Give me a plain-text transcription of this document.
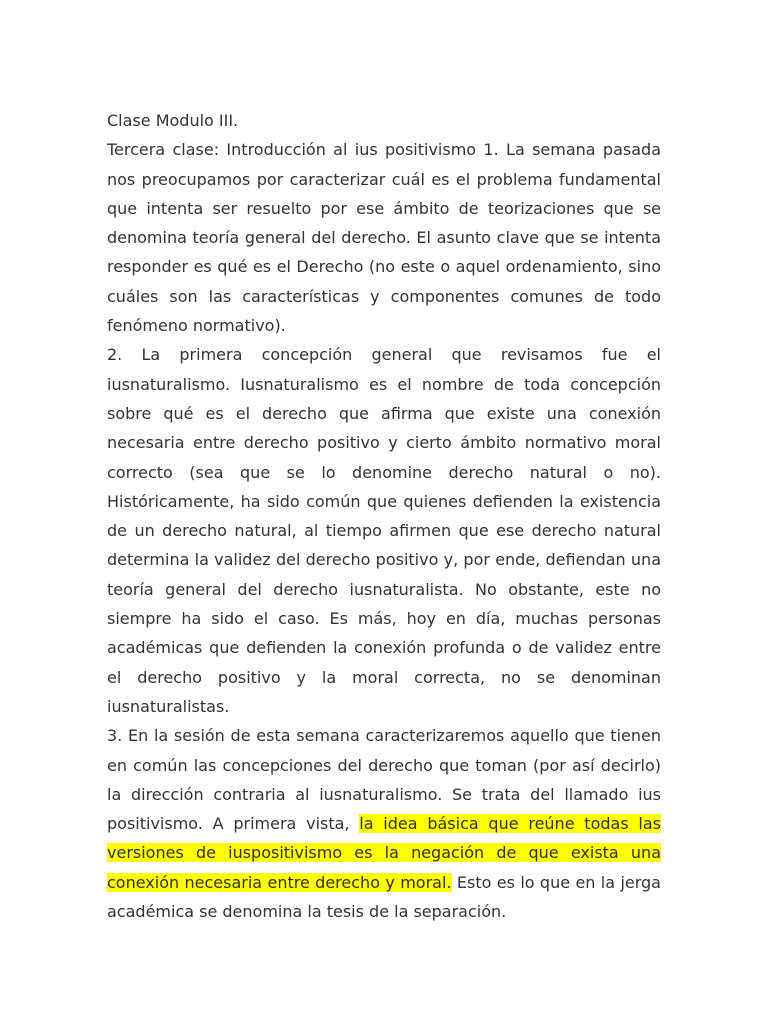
Clase Modulo III.

Tercera clase: Introducción al ius positivismo 1. La semana pasada nos preocupamos por caracterizar cuál es el problema fundamental que intenta ser resuelto por ese ámbito de teorizaciones que se denomina teoría general del derecho. El asunto clave que se intenta responder es qué es el Derecho (no este o aquel ordenamiento, sino cuáles son las características y componentes comunes de todo fenómeno normativo).

2. La primera concepción general que revisamos fue el iusnaturalismo. Iusnaturalismo es el nombre de toda concepción sobre qué es el derecho que afirma que existe una conexión necesaria entre derecho positivo y cierto ámbito normativo moral correcto (sea que se lo denomine derecho natural o no). Históricamente, ha sido común que quienes defienden la existencia de un derecho natural, al tiempo afirmen que ese derecho natural determina la validez del derecho positivo y, por ende, defiendan una teoría general del derecho iusnaturalista. No obstante, este no siempre ha sido el caso. Es más, hoy en día, muchas personas académicas que defienden la conexión profunda o de validez entre el derecho positivo y la moral correcta, no se denominan iusnaturalistas.

3. En la sesión de esta semana caracterizaremos aquello que tienen en común las concepciones del derecho que toman (por así decirlo) la dirección contraria al iusnaturalismo. Se trata del llamado ius positivismo. A primera vista, la idea básica que reúne todas las versiones de iuspositivismo es la negación de que exista una conexión necesaria entre derecho y moral. Esto es lo que en la jerga académica se denomina la tesis de la separación.
